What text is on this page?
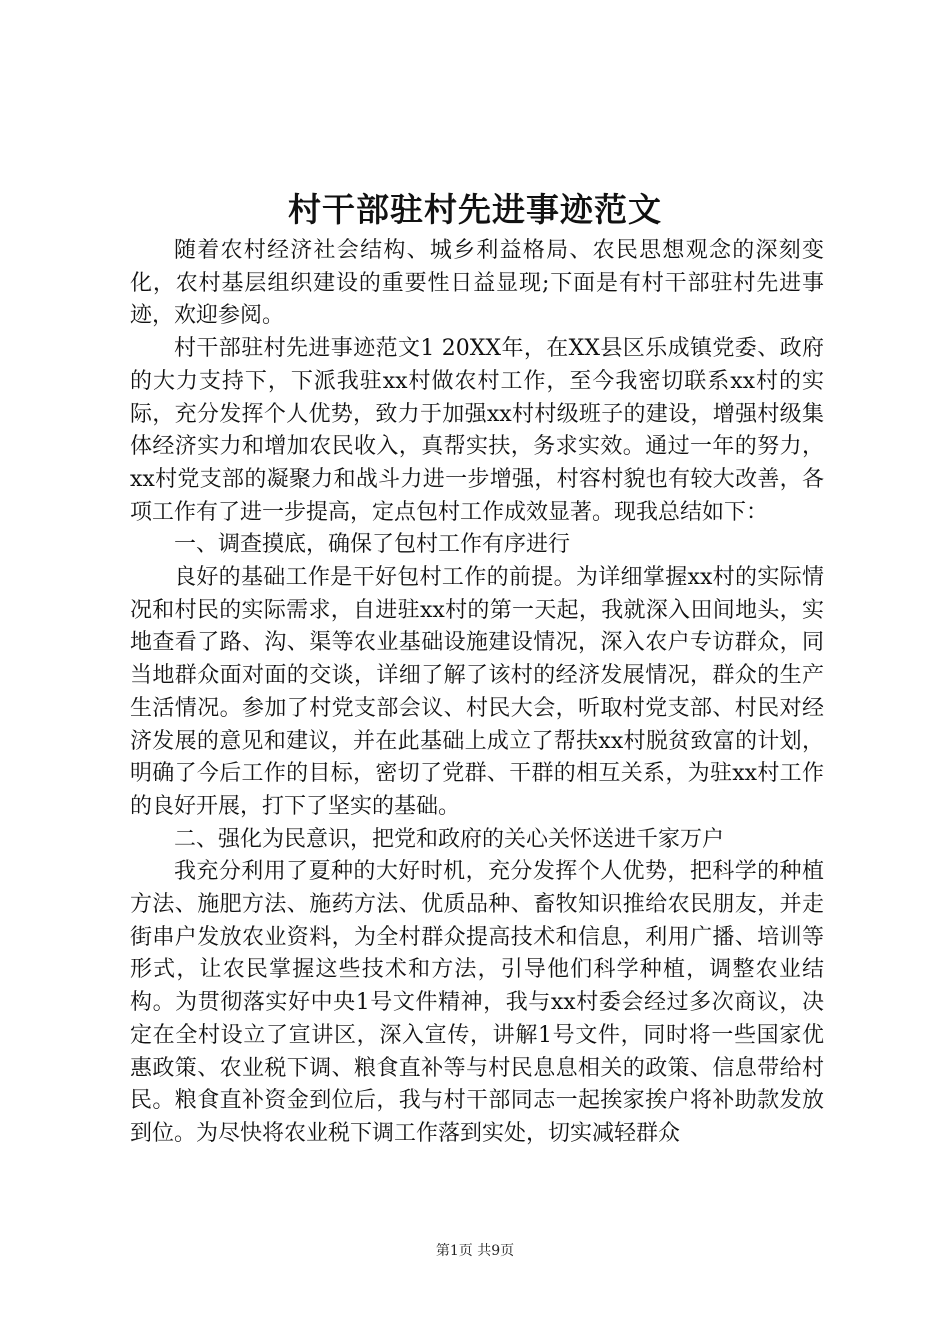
村干部驻村先进事迹范文

随着农村经济社会结构、城乡利益格局、农民思想观念的深刻变化，农村基层组织建设的重要性日益显现;下面是有村干部驻村先进事迹，欢迎参阅。

村干部驻村先进事迹范文1 20XX年，在XX县区乐成镇党委、政府的大力支持下，下派我驻xx村做农村工作，至今我密切联系xx村的实际，充分发挥个人优势，致力于加强xx村村级班子的建设，增强村级集体经济实力和增加农民收入，真帮实扶，务求实效。通过一年的努力，xx村党支部的凝聚力和战斗力进一步增强，村容村貌也有较大改善，各项工作有了进一步提高，定点包村工作成效显著。现我总结如下：

一、调查摸底，确保了包村工作有序进行

良好的基础工作是干好包村工作的前提。为详细掌握xx村的实际情况和村民的实际需求，自进驻xx村的第一天起，我就深入田间地头，实地查看了路、沟、渠等农业基础设施建设情况，深入农户专访群众，同当地群众面对面的交谈，详细了解了该村的经济发展情况，群众的生产生活情况。参加了村党支部会议、村民大会，听取村党支部、村民对经济发展的意见和建议，并在此基础上成立了帮扶xx村脱贫致富的计划，明确了今后工作的目标，密切了党群、干群的相互关系，为驻xx村工作的良好开展，打下了坚实的基础。

二、强化为民意识，把党和政府的关心关怀送进千家万户

我充分利用了夏种的大好时机，充分发挥个人优势，把科学的种植方法、施肥方法、施药方法、优质品种、畜牧知识推给农民朋友，并走街串户发放农业资料，为全村群众提高技术和信息，利用广播、培训等形式，让农民掌握这些技术和方法，引导他们科学种植，调整农业结构。为贯彻落实好中央1号文件精神，我与xx村委会经过多次商议，决定在全村设立了宣讲区，深入宣传，讲解1号文件，同时将一些国家优惠政策、农业税下调、粮食直补等与村民息息相关的政策、信息带给村民。粮食直补资金到位后，我与村干部同志一起挨家挨户将补助款发放到位。为尽快将农业税下调工作落到实处，切实减轻群众

第1页 共9页
